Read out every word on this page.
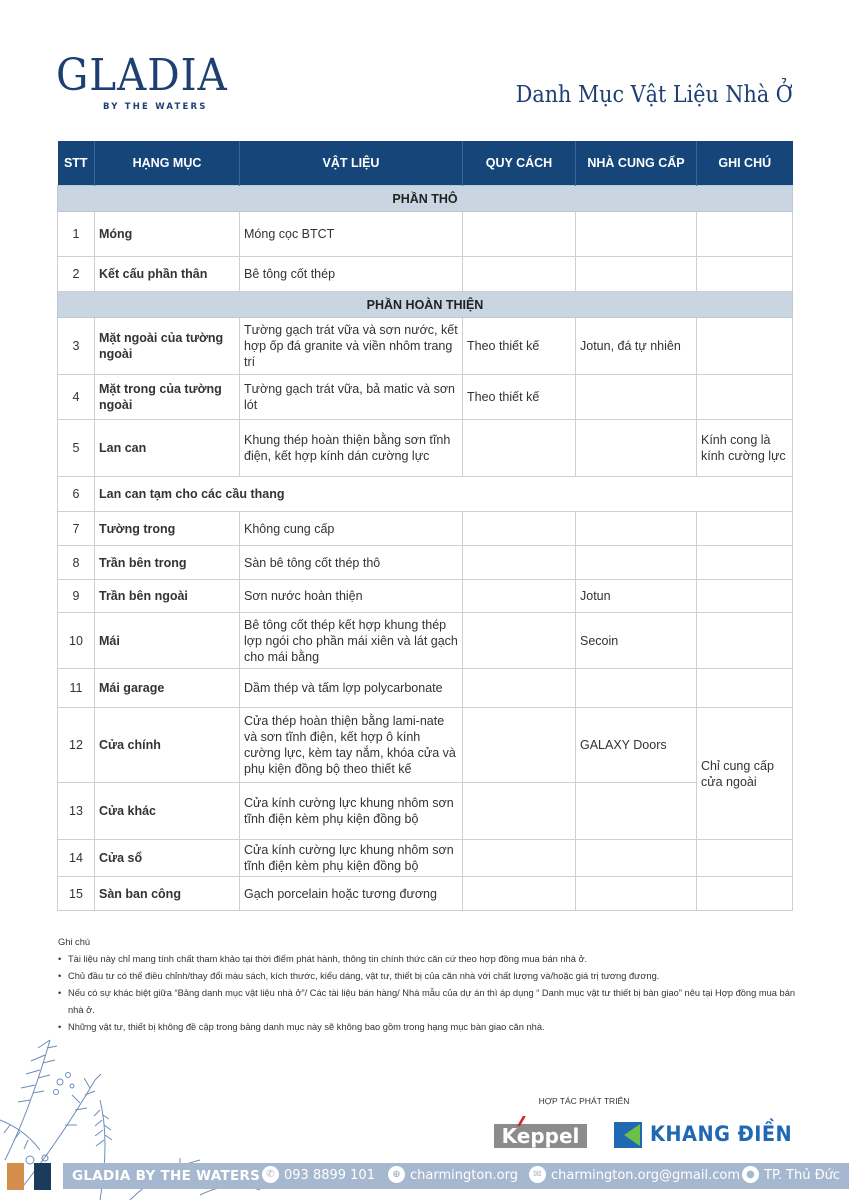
GLADIA
BY THE WATERS	Danh Mục Vật Liệu Nhà Ở
STT	HẠNG MỤC	VẬT LIỆU	QUY CÁCH	NHÀ CUNG CẤP	GHI CHÚ
PHẦN THÔ					
1	Móng	Móng cọc BTCT			
2	Kết cấu phần thân	Bê tông cốt thép			
PHẦN HOÀN THIỆN					
3	Mặt ngoài của tường ngoài	Tường gạch trát vữa và sơn nước, kết hợp ốp đá granite và viền nhôm trang trí	Theo thiết kế	Jotun, đá tự nhiên	
4	Mặt trong của tường ngoài	Tường gạch trát vữa, bả matic và sơn lót	Theo thiết kế		
5	Lan can	Khung thép hoàn thiện bằng sơn tĩnh điện, kết hợp kính dán cường lực			Kính cong là kính cường lực
6	Lan can tạm cho các cầu thang				
7	Tường trong	Không cung cấp			
8	Trần bên trong	Sàn bê tông cốt thép thô			
9	Trần bên ngoài	Sơn nước hoàn thiện		Jotun	
10	Mái	Bê tông cốt thép kết hợp khung thép lợp ngói cho phần mái xiên và lát gạch cho mái bằng		Secoin	
11	Mái garage	Dầm thép và tấm lợp polycarbonate			
12	Cửa chính	Cửa thép hoàn thiện bằng lami-nate và sơn tĩnh điện, kết hợp ô kính cường lực, kèm tay nắm, khóa cửa và phụ kiện đồng bộ theo thiết kế		GALAXY Doors	Chỉ cung cấp cửa ngoài
13	Cửa khác	Cửa kính cường lực khung nhôm sơn tĩnh điện kèm phụ kiện đồng bộ			
14	Cửa sổ	Cửa kính cường lực khung nhôm sơn tĩnh điện kèm phụ kiện đồng bộ			
15	Sàn ban công	Gạch porcelain hoặc tương đương			
Ghi chú
• Tài liệu này chỉ mang tính chất tham khảo tại thời điểm phát hành, thông tin chính thức căn cứ theo hợp đồng mua bán nhà ở.
• Chủ đầu tư có thể điều chỉnh/thay đổi màu sách, kích thước, kiểu dáng, vật tư, thiết bị của căn nhà với chất lượng và/hoặc giá trị tương đương.
• Nếu có sự khác biệt giữa “Bảng danh mục vật liệu nhà ở”/ Các tài liệu bán hàng/ Nhà mẫu của dự án thì áp dụng “ Danh mục vật tư thiết bị bàn giao” nêu tại Hợp đồng mua bán nhà ở.
• Những vật tư, thiết bị không đề cập trong bảng danh mục này sẽ không bao gồm trong hạng mục bàn giao căn nhà.
HỢP TÁC PHÁT TRIỂN
Keppel	KHANG ĐIỀN
GLADIA BY THE WATERS ✆ 093 8899 101	⊕ charmington.org	✉ charmington.org@gmail.com ● TP. Thủ Đức
